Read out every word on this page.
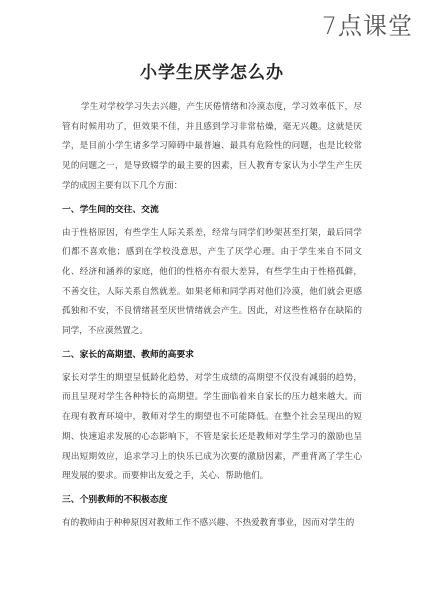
7点课堂
小学生厌学怎么办

学生对学校学习失去兴趣，产生厌倦情绪和冷漠态度，学习效率低下，尽管有时候用功了，但效果不佳，并且感到学习非常枯燥，毫无兴趣。这就是厌学，是目前小学生诸多学习障碍中最普遍、最具有危险性的问题，也是比较常见的问题之一，是导致辍学的最主要的因素，巨人教育专家认为小学生产生厌学的成因主要有以下几个方面：

一、学生间的交往、交流

由于性格原因，有些学生人际关系差，经常与同学们吵架甚至打架，最后同学们都不喜欢他；感到在学校没意思，产生了厌学心理。由于学生来自不同文化、经济和涵养的家庭，他们的性格亦有很大差异，有些学生由于性格孤僻，不善交往，人际关系自然就差。如果老师和同学再对他们冷漠，他们就会更感孤独和不安，不良情绪甚至厌世情绪就会产生。因此，对这些性格存在缺陷的同学，不应漠然置之。

二、家长的高期望、教师的高要求

家长对学生的期望呈低龄化趋势，对学生成绩的高期望不仅没有减弱的趋势，而且呈现对学生各种特长的高期望。学生面临着来自家长的压力越来越大。而在现有教育环境中，教师对学生的期望也不可能降低。在整个社会呈现出的短期、快速追求发展的心态影响下，不管是家长还是教师对学生学习的激励也呈现出短期效应，追求学习上的快乐已成为次要的激励因素，严重背离了学生心理发展的要求。而要伸出友爱之手，关心、帮助他们。

三、个别教师的不积极态度

有的教师由于种种原因对教师工作不感兴趣、不热爱教育事业，因而对学生的
